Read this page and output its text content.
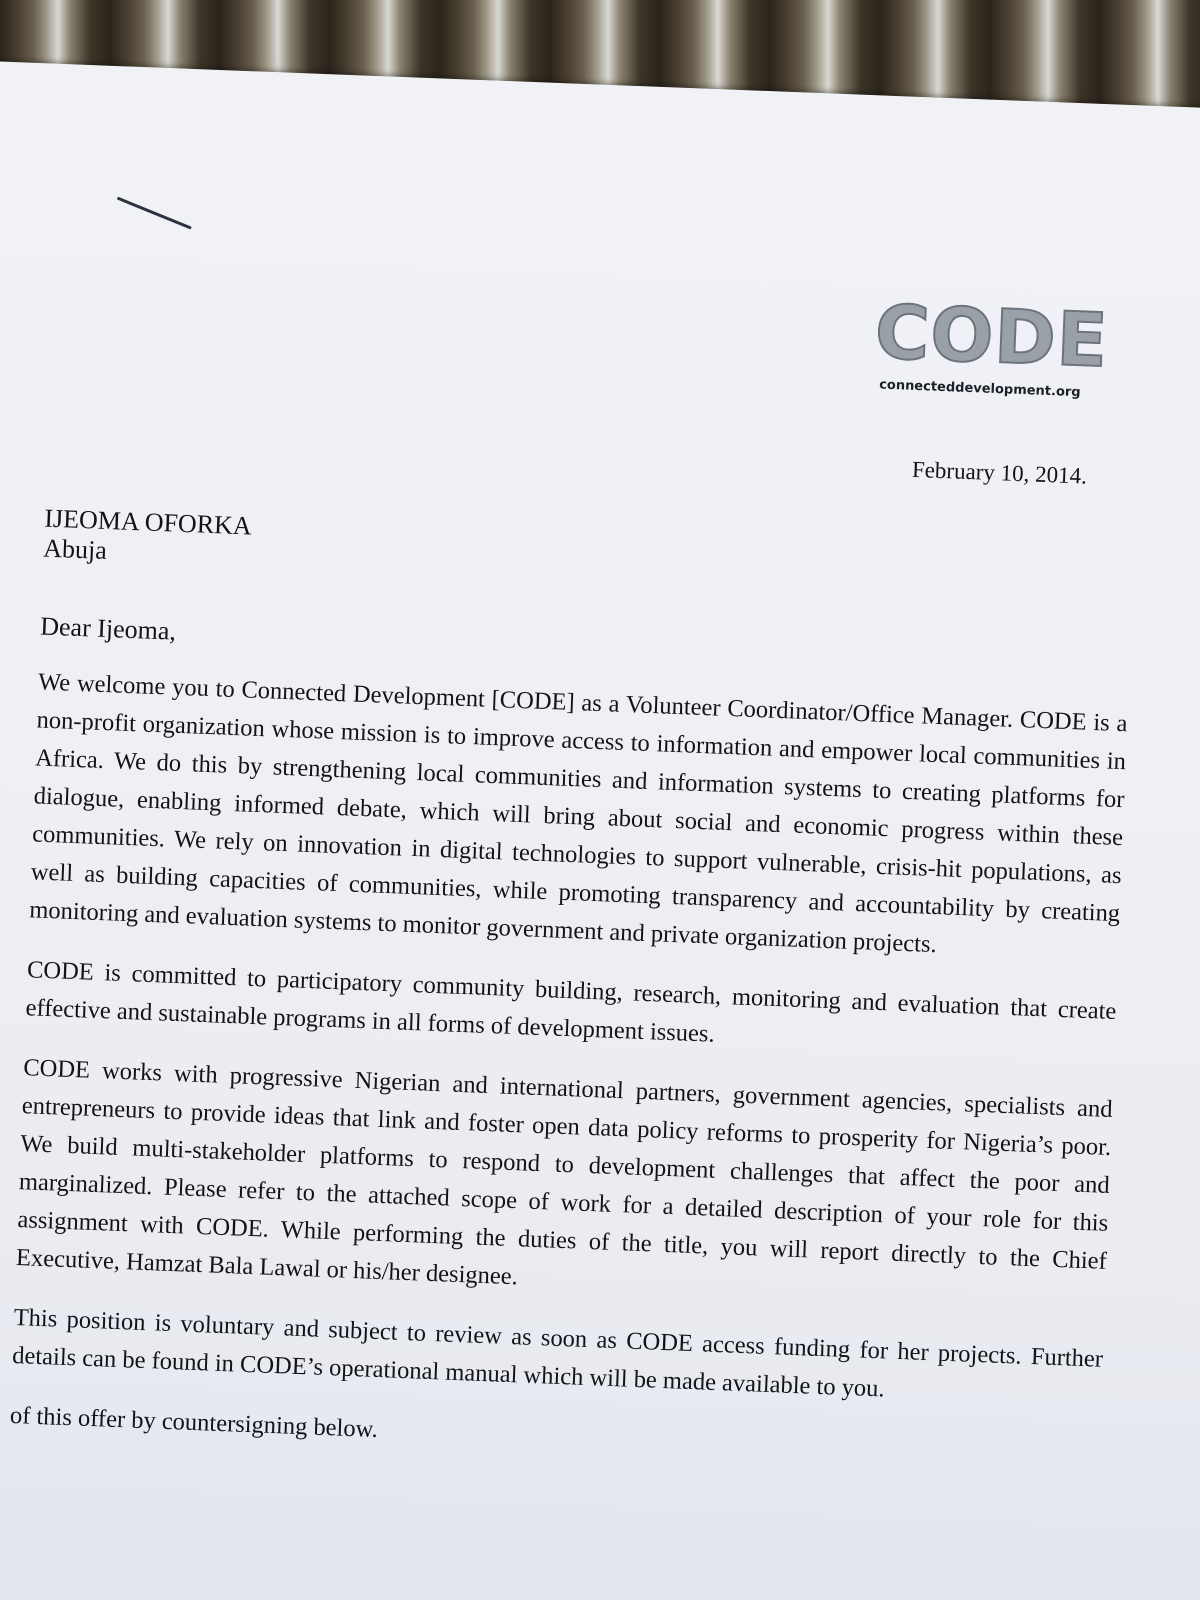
CODE
connecteddevelopment.org
February 10, 2014.
IJEOMA OFORKA
Abuja
Dear Ijeoma,

We welcome you to Connected Development [CODE] as a Volunteer Coordinator/Office Manager. CODE is a non-profit organization whose mission is to improve access to information and empower local communities in Africa. We do this by strengthening local communities and information systems to creating platforms for dialogue, enabling informed debate, which will bring about social and economic progress within these communities. We rely on innovation in digital technologies to support vulnerable, crisis-hit populations, as well as building capacities of communities, while promoting transparency and accountability by creating monitoring and evaluation systems to monitor government and private organization projects.

CODE is committed to participatory community building, research, monitoring and evaluation that create effective and sustainable programs in all forms of development issues.

CODE works with progressive Nigerian and international partners, government agencies, specialists and entrepreneurs to provide ideas that link and foster open data policy reforms to prosperity for Nigeria’s poor. We build multi-stakeholder platforms to respond to development challenges that affect the poor and marginalized. Please refer to the attached scope of work for a detailed description of your role for this assignment with CODE. While performing the duties of the title, you will report directly to the Chief Executive, Hamzat Bala Lawal or his/her designee.

This position is voluntary and subject to review as soon as CODE access funding for her projects. Further details can be found in CODE’s operational manual which will be made available to you.

of this offer by countersigning below.
